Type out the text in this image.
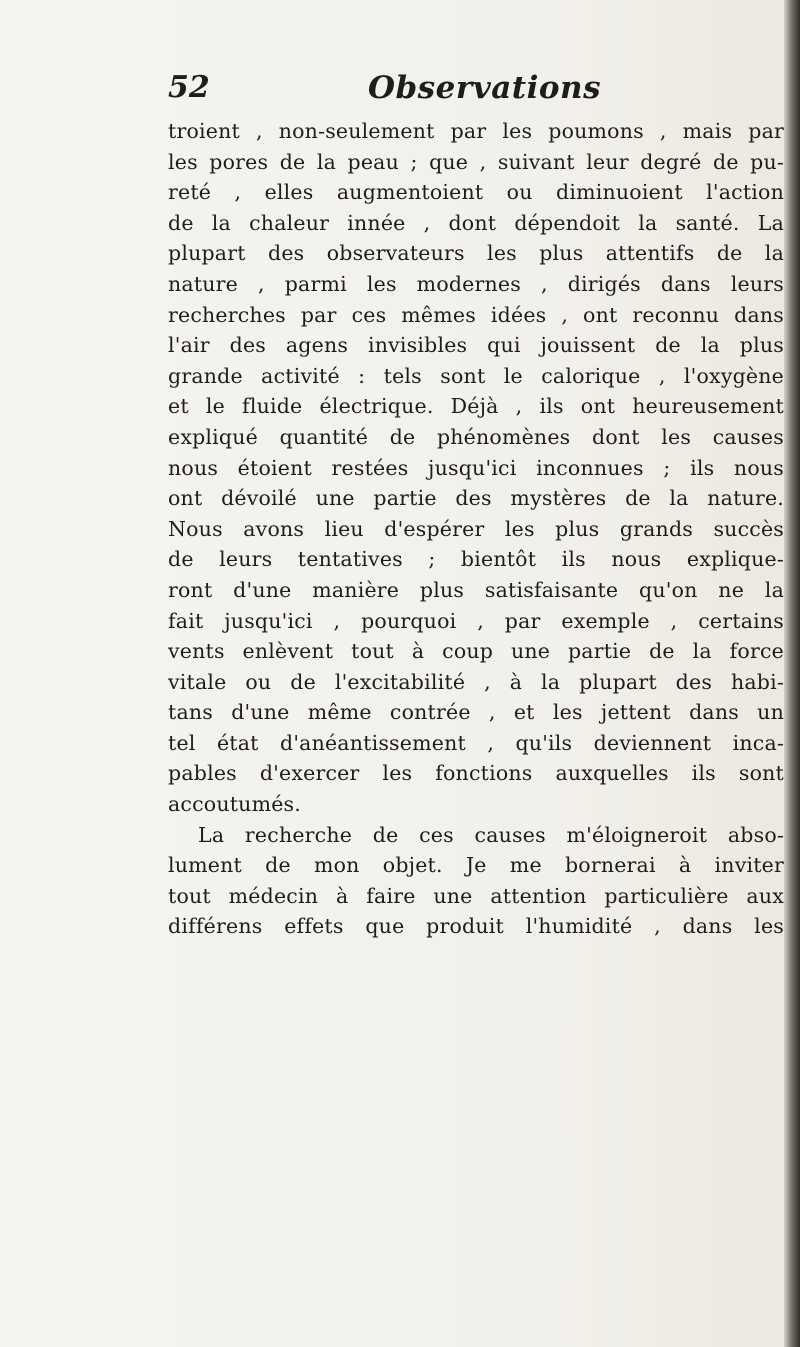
52	Observations
troient , non-seulement par les poumons , mais par
les pores de la peau ; que , suivant leur degré de pu-
reté , elles augmentoient ou diminuoient l'action
de la chaleur innée , dont dépendoit la santé. La
plupart des observateurs les plus attentifs de la
nature , parmi les modernes , dirigés dans leurs
recherches par ces mêmes idées , ont reconnu dans
l'air des agens invisibles qui jouissent de la plus
grande activité : tels sont le calorique , l'oxygène
et le fluide électrique. Déjà , ils ont heureusement
expliqué quantité de phénomènes dont les causes
nous étoient restées jusqu'ici inconnues ; ils nous
ont dévoilé une partie des mystères de la nature.
Nous avons lieu d'espérer les plus grands succès
de leurs tentatives ; bientôt ils nous explique-
ront d'une manière plus satisfaisante qu'on ne la
fait jusqu'ici , pourquoi , par exemple , certains
vents enlèvent tout à coup une partie de la force
vitale ou de l'excitabilité , à la plupart des habi-
tans d'une même contrée , et les jettent dans un
tel état d'anéantissement , qu'ils deviennent inca-
pables d'exercer les fonctions auxquelles ils sont
accoutumés.
La recherche de ces causes m'éloigneroit abso-
lument de mon objet. Je me bornerai à inviter
tout médecin à faire une attention particulière aux
différens effets que produit l'humidité , dans les
